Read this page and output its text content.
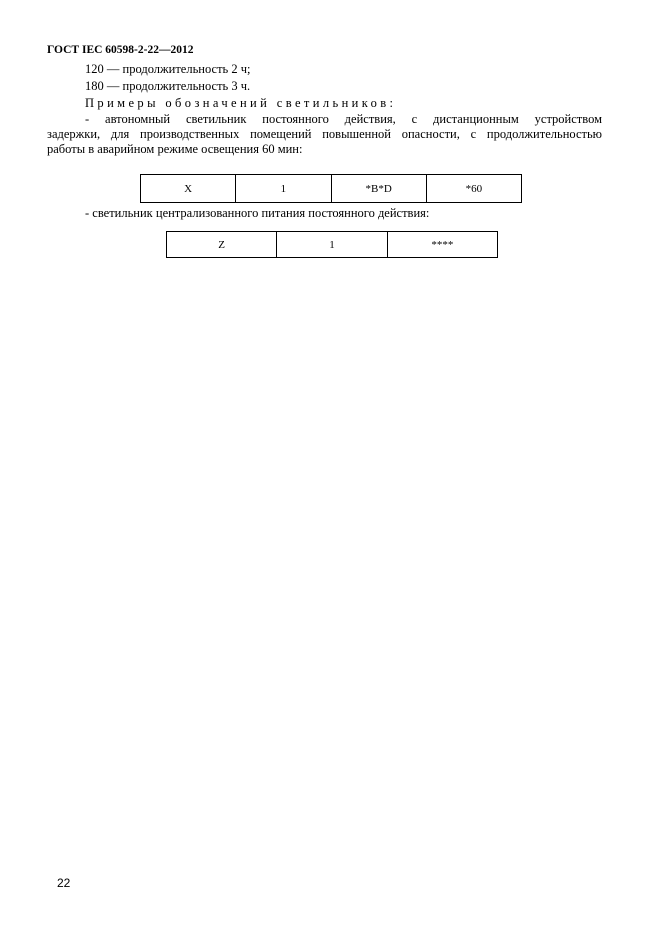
ГОСТ IEC 60598-2-22—2012
120 — продолжительность 2 ч;
180 — продолжительность 3 ч.
Примеры обозначений светильников:
- автономный светильник постоянного действия, с дистанционным устройством
задержки, для производственных помещений повышенной опасности, с продолжительностью
работы в аварийном режиме освещения 60 мин:
X	1	*B*D	*60
- светильник централизованного питания постоянного действия:
Z	1	****
22
